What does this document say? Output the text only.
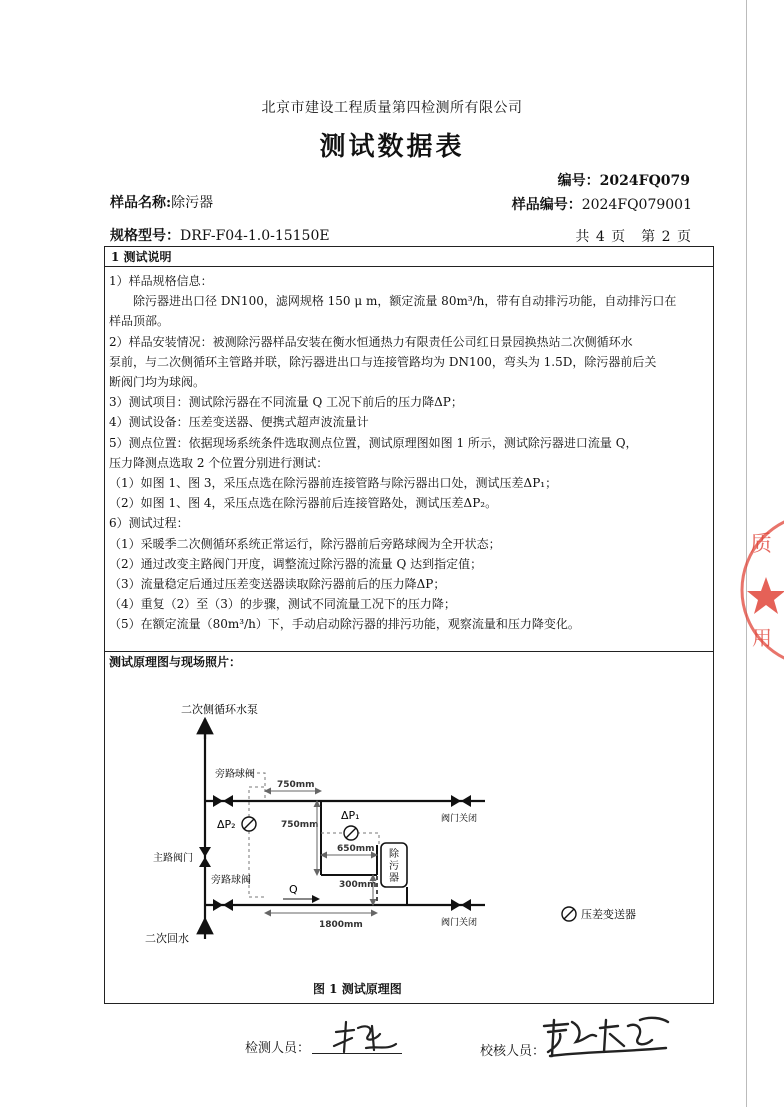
北京市建设工程质量第四检测所有限公司
测试数据表
编号：2024FQ079
样品名称:除污器	样品编号：2024FQ079001
规格型号：DRF-F04-1.0-15150E	共 4 页　第 2 页
1 测试说明
1）样品规格信息：
　　除污器进出口径 DN100，滤网规格 150 μ m，额定流量 80m³/h，带有自动排污功能，自动排污口在
样品顶部。
2）样品安装情况：被测除污器样品安装在衡水恒通热力有限责任公司红日景园换热站二次侧循环水
泵前，与二次侧循环主管路并联，除污器进出口与连接管路均为 DN100，弯头为 1.5D，除污器前后关
断阀门均为球阀。
3）测试项目：测试除污器在不同流量 Q 工况下前后的压力降ΔP；
4）测试设备：压差变送器、便携式超声波流量计
5）测点位置：依据现场系统条件选取测点位置，测试原理图如图 1 所示，测试除污器进口流量 Q，
压力降测点选取 2 个位置分别进行测试：
（1）如图 1、图 3，采压点选在除污器前连接管路与除污器出口处，测试压差ΔP₁；
（2）如图 1、图 4，采压点选在除污器前后连接管路处，测试压差ΔP₂。
6）测试过程：
（1）采暖季二次侧循环系统正常运行，除污器前后旁路球阀为全开状态；
（2）通过改变主路阀门开度，调整流过除污器的流量 Q 达到指定值；
（3）流量稳定后通过压差变送器读取除污器前后的压力降ΔP；
（4）重复（2）至（3）的步骤，测试不同流量工况下的压力降；
（5）在额定流量（80m³/h）下，手动启动除污器的排污功能，观察流量和压力降变化。
测试原理图与现场照片：
除
污
器
750mm
750mm
650mm
300mm
1800mm
Q
ΔP₂
ΔP₁
二次侧循环水泵
二次回水
主路阀门
旁路球阀
旁路球阀
阀门关闭
阀门关闭
压差变送器
图 1 测试原理图
检测人员：	校核人员：
质
用
